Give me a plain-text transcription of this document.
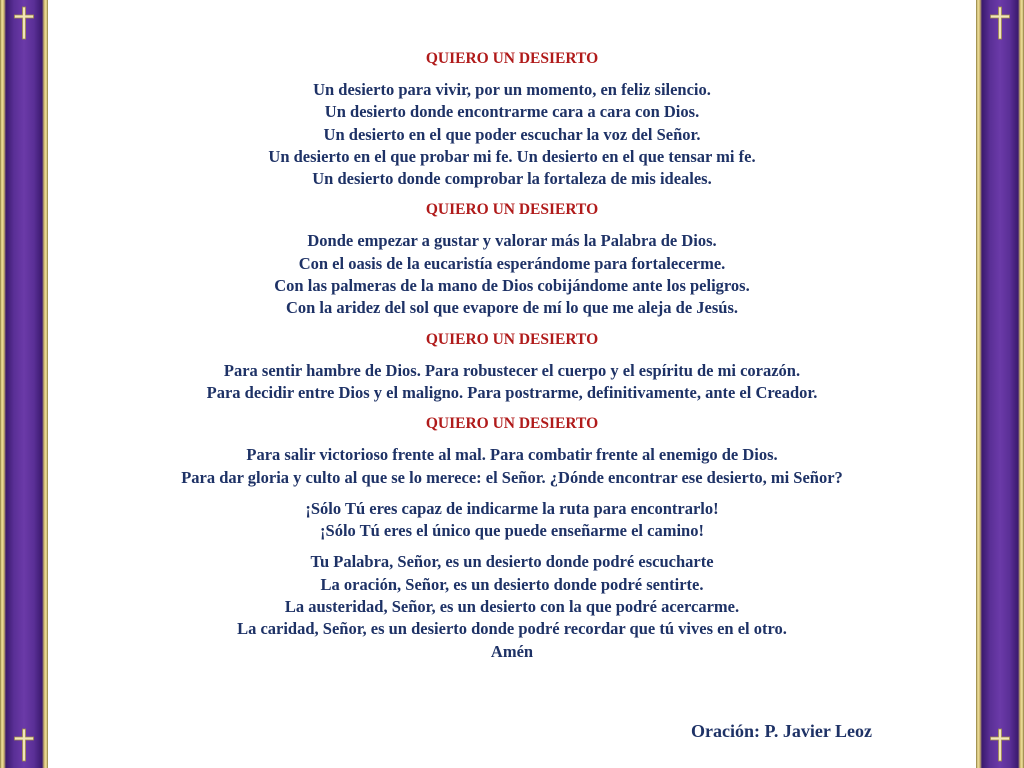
QUIERO UN DESIERTO
Un desierto para vivir, por un momento, en feliz silencio.
Un desierto donde encontrarme cara a cara con Dios.
Un desierto en el que poder escuchar la voz del Señor.
Un desierto en el que probar mi fe. Un desierto en el que tensar mi fe.
Un desierto donde comprobar la fortaleza de mis ideales.
QUIERO UN DESIERTO
Donde empezar a gustar y valorar más la Palabra de Dios.
Con el oasis de la eucaristía esperándome para fortalecerme.
Con las palmeras de la mano de Dios cobijándome ante los peligros.
Con la aridez del sol que evapore de mí lo que me aleja de Jesús.
QUIERO UN DESIERTO
Para sentir hambre de Dios. Para robustecer el cuerpo y el espíritu de mi corazón.
Para decidir entre Dios y el maligno. Para postrarme, definitivamente, ante el Creador.
QUIERO UN DESIERTO
Para salir victorioso frente al mal. Para combatir frente al enemigo de Dios.
Para dar gloria y culto al que se lo merece: el Señor. ¿Dónde encontrar ese desierto, mi Señor?
¡Sólo Tú eres capaz de indicarme la ruta para encontrarlo!
¡Sólo Tú eres el único que puede enseñarme el camino!
Tu Palabra, Señor, es un desierto donde podré escucharte
La oración, Señor, es un desierto donde podré sentirte.
La austeridad, Señor, es un desierto con la que podré acercarme.
La caridad, Señor, es un desierto donde podré recordar que tú vives en el otro.
Amén
Oración: P. Javier Leoz
